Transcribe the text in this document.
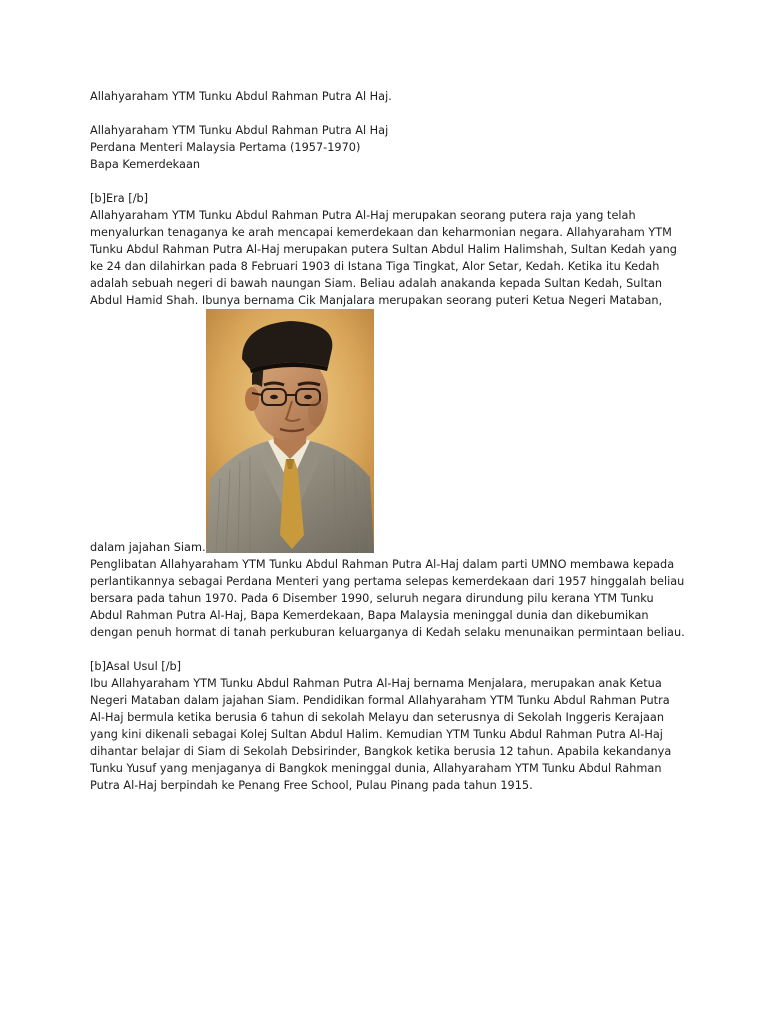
Allahyaraham YTM Tunku Abdul Rahman Putra Al Haj.

Allahyaraham YTM Tunku Abdul Rahman Putra Al Haj

Perdana Menteri Malaysia Pertama (1957-1970)

Bapa Kemerdekaan

[b]Era [/b]

Allahyaraham YTM Tunku Abdul Rahman Putra Al-Haj merupakan seorang putera raja yang telah

menyalurkan tenaganya ke arah mencapai kemerdekaan dan keharmonian negara. Allahyaraham YTM

Tunku Abdul Rahman Putra Al-Haj merupakan putera Sultan Abdul Halim Halimshah, Sultan Kedah yang

ke 24 dan dilahirkan pada 8 Februari 1903 di Istana Tiga Tingkat, Alor Setar, Kedah. Ketika itu Kedah

adalah sebuah negeri di bawah naungan Siam. Beliau adalah anakanda kepada Sultan Kedah, Sultan

Abdul Hamid Shah. Ibunya bernama Cik Manjalara merupakan seorang puteri Ketua Negeri Mataban,

dalam jajahan Siam.

Penglibatan Allahyaraham YTM Tunku Abdul Rahman Putra Al-Haj dalam parti UMNO membawa kepada

perlantikannya sebagai Perdana Menteri yang pertama selepas kemerdekaan dari 1957 hinggalah beliau

bersara pada tahun 1970. Pada 6 Disember 1990, seluruh negara dirundung pilu kerana YTM Tunku

Abdul Rahman Putra Al-Haj, Bapa Kemerdekaan, Bapa Malaysia meninggal dunia dan dikebumikan

dengan penuh hormat di tanah perkuburan keluarganya di Kedah selaku menunaikan permintaan beliau.

[b]Asal Usul [/b]

Ibu Allahyaraham YTM Tunku Abdul Rahman Putra Al-Haj bernama Menjalara, merupakan anak Ketua

Negeri Mataban dalam jajahan Siam. Pendidikan formal Allahyaraham YTM Tunku Abdul Rahman Putra

Al-Haj bermula ketika berusia 6 tahun di sekolah Melayu dan seterusnya di Sekolah Inggeris Kerajaan

yang kini dikenali sebagai Kolej Sultan Abdul Halim. Kemudian YTM Tunku Abdul Rahman Putra Al-Haj

dihantar belajar di Siam di Sekolah Debsirinder, Bangkok ketika berusia 12 tahun. Apabila kekandanya

Tunku Yusuf yang menjaganya di Bangkok meninggal dunia, Allahyaraham YTM Tunku Abdul Rahman

Putra Al-Haj berpindah ke Penang Free School, Pulau Pinang pada tahun 1915.
